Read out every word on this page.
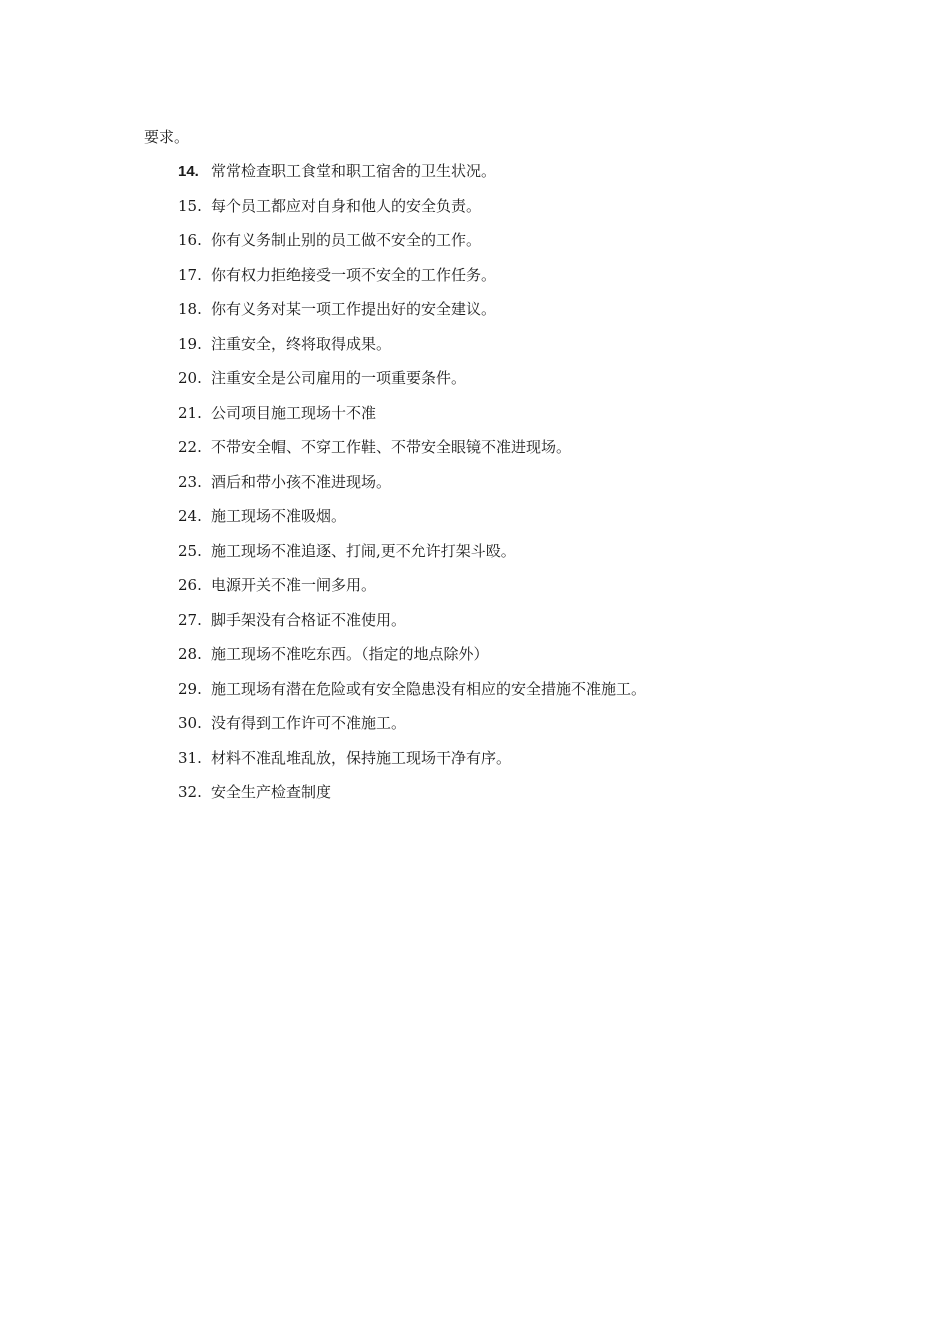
要求。
14. 常常检查职工食堂和职工宿舍的卫生状况。
15. 每个员工都应对自身和他人的安全负责。
16. 你有义务制止别的员工做不安全的工作。
17. 你有权力拒绝接受一项不安全的工作任务。
18. 你有义务对某一项工作提出好的安全建议。
19. 注重安全，终将取得成果。
20. 注重安全是公司雇用的一项重要条件。
21. 公司项目施工现场十不准
22. 不带安全帽、不穿工作鞋、不带安全眼镜不准进现场。
23. 酒后和带小孩不准进现场。
24. 施工现场不准吸烟。
25. 施工现场不准追逐、打闹,更不允许打架斗殴。
26. 电源开关不准一闸多用。
27. 脚手架没有合格证不准使用。
28. 施工现场不准吃东西。（指定的地点除外）
29. 施工现场有潜在危险或有安全隐患没有相应的安全措施不准施工。
30. 没有得到工作许可不准施工。
31. 材料不准乱堆乱放，保持施工现场干净有序。
32. 安全生产检查制度
